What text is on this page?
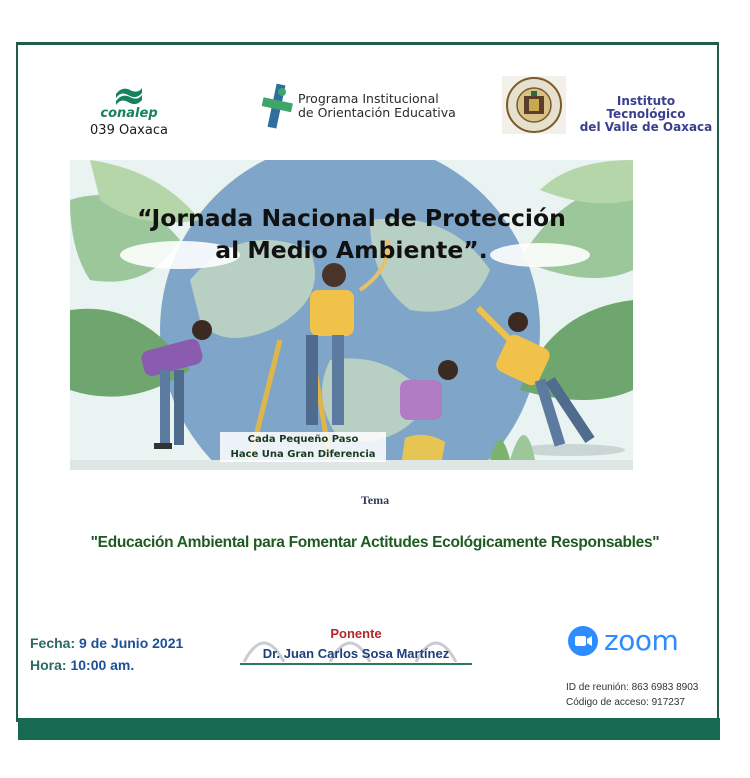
conalep
039 Oaxaca
Programa Institucional
de Orientación Educativa
Instituto Tecnológico
del Valle de Oaxaca
“Jornada Nacional de Protección
al Medio Ambiente”.
Cada Pequeño Paso
Hace Una Gran Diferencia
Tema
"Educación Ambiental para Fomentar Actitudes Ecológicamente Responsables"
Fecha: 9 de Junio 2021
Hora: 10:00 am.
Ponente
Dr. Juan Carlos Sosa Martínez	zoom
ID de reunión: 863 6983 8903
Código de acceso: 917237
